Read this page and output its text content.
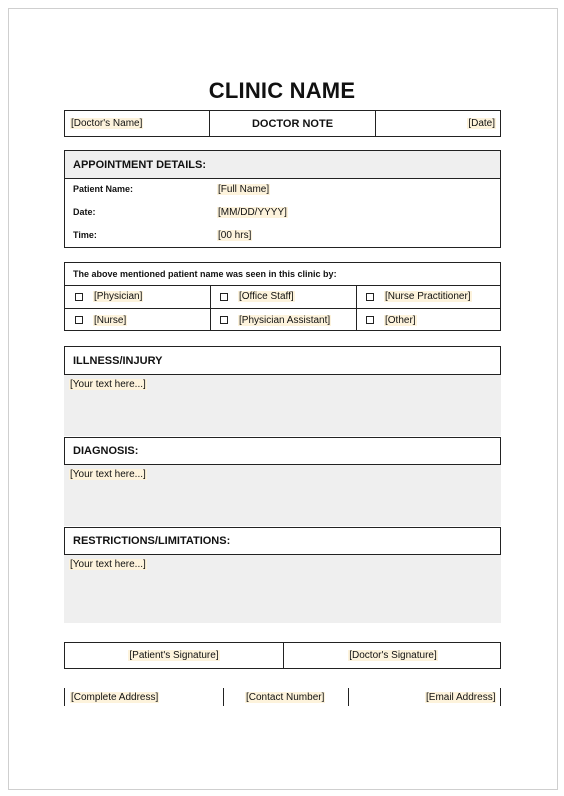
CLINIC NAME
[Doctor's Name]	DOCTOR NOTE	[Date]
APPOINTMENT DETAILS:
Patient Name:	[Full Name]
Date:	[MM/DD/YYYY]
Time:	[00 hrs]
The above mentioned patient name was seen in this clinic by:
[Physician]	[Office Staff]	[Nurse Practitioner]
[Nurse]	[Physician Assistant]	[Other]
ILLNESS/INJURY
[Your text here...]
DIAGNOSIS:
[Your text here...]
RESTRICTIONS/LIMITATIONS:
[Your text here...]
[Patient's Signature]	[Doctor's Signature]
[Complete Address]	[Contact Number]	[Email Address]
